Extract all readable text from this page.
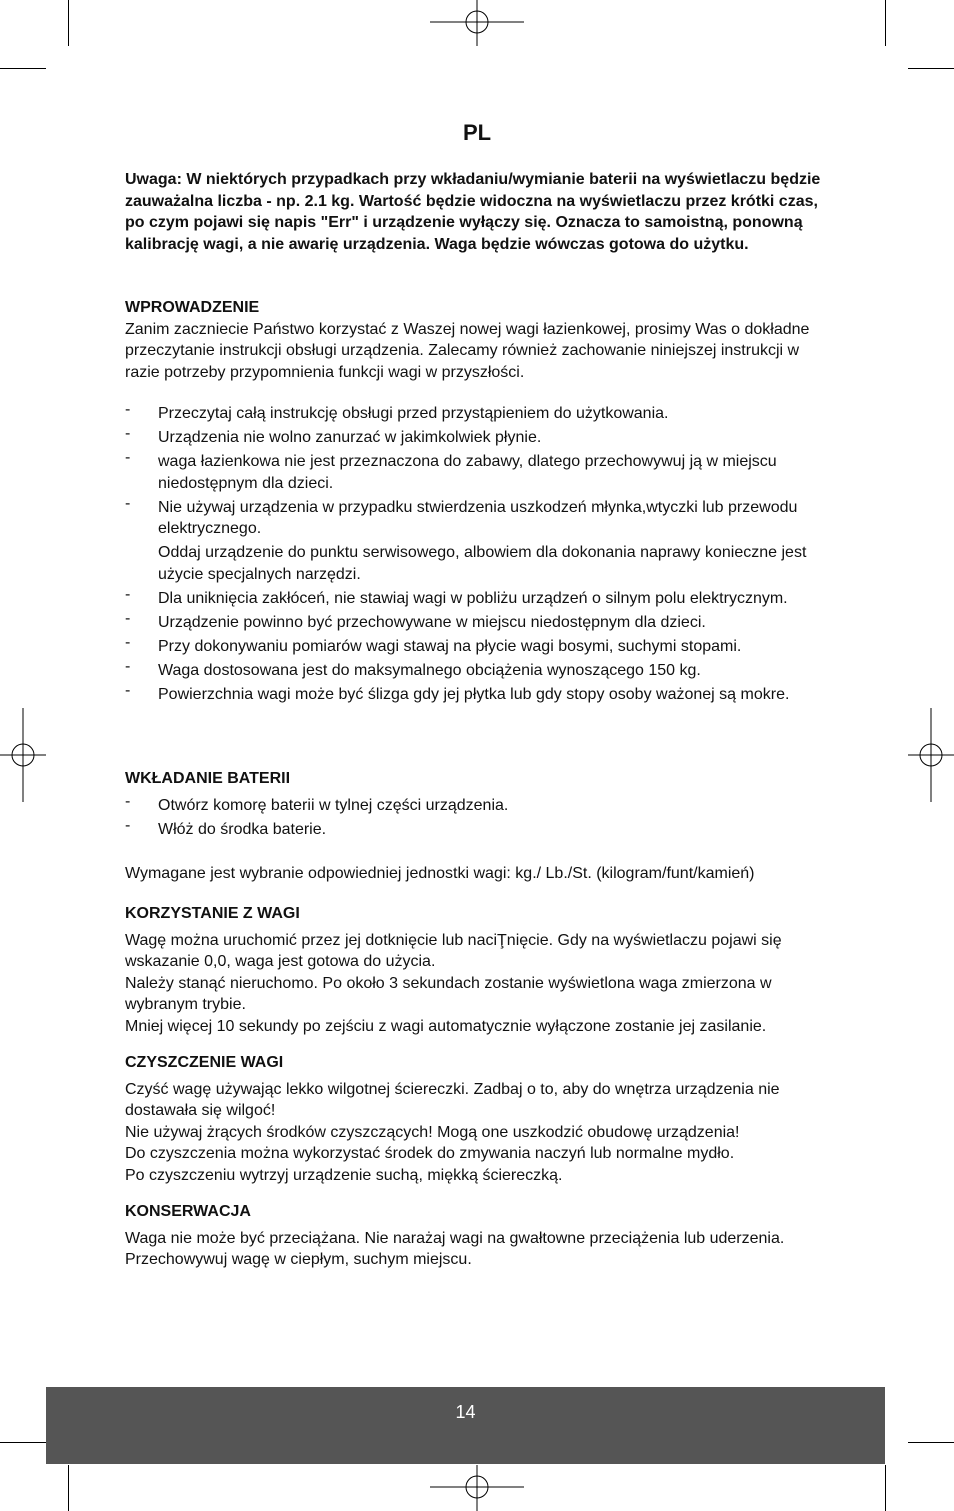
PL
Uwaga: W niektórych przypadkach przy wkładaniu/wymianie baterii na wyświetlaczu będzie zauważalna liczba - np. 2.1 kg. Wartość będzie widoczna na wyświetlaczu przez krótki czas, po czym pojawi się napis "Err" i urządzenie wyłączy się. Oznacza to samoistną, ponowną kalibrację wagi, a nie awarię urządzenia. Waga będzie wówczas gotowa do użytku.
WPROWADZENIE
Zanim zaczniecie Państwo korzystać z Waszej nowej wagi łazienkowej, prosimy Was o dokładne przeczytanie instrukcji obsługi urządzenia. Zalecamy również zachowanie niniejszej instrukcji w razie potrzeby przypomnienia funkcji wagi w przyszłości.
- Przeczytaj całą instrukcję obsługi przed przystąpieniem do użytkowania.
- Urządzenia nie wolno zanurzać w jakimkolwiek płynie.
- waga łazienkowa nie jest przeznaczona do zabawy, dlatego przechowywuj ją w miejscu niedostępnym dla dzieci.
- Nie używaj urządzenia w przypadku stwierdzenia uszkodzeń młynka,wtyczki lub przewodu elektrycznego.
Oddaj urządzenie do punktu serwisowego, albowiem dla dokonania naprawy konieczne jest użycie specjalnych narzędzi.
- Dla uniknięcia zakłóceń, nie stawiaj wagi w pobliżu urządzeń o silnym polu elektrycznym.
- Urządzenie powinno być przechowywane w miejscu niedostępnym dla dzieci.
- Przy dokonywaniu pomiarów wagi stawaj na płycie wagi bosymi, suchymi stopami.
- Waga dostosowana jest do maksymalnego obciążenia wynoszącego 150 kg.
- Powierzchnia wagi może być ślizga gdy jej płytka lub gdy stopy osoby ważonej są mokre.
WKŁADANIE BATERII
- Otwórz komorę baterii w tylnej części urządzenia.
- Włóż do środka baterie.
Wymagane jest wybranie odpowiedniej jednostki wagi: kg./ Lb./St. (kilogram/funt/kamień)
KORZYSTANIE Z WAGI
Wagę można uruchomić przez jej dotknięcie lub naciŢnięcie. Gdy na wyświetlaczu pojawi się wskazanie 0,0, waga jest gotowa do użycia.
Należy stanąć nieruchomo. Po około 3 sekundach zostanie wyświetlona waga zmierzona w wybranym trybie.
Mniej więcej 10 sekundy po zejściu z wagi automatycznie wyłączone zostanie jej zasilanie.
CZYSZCZENIE WAGI
Czyść wagę używając lekko wilgotnej ściereczki. Zadbaj o to, aby do wnętrza urządzenia nie dostawała się wilgoć!
Nie używaj żrących środków czyszczących! Mogą one uszkodzić obudowę urządzenia!
Do czyszczenia można wykorzystać środek do zmywania naczyń lub normalne mydło.
Po czyszczeniu wytrzyj urządzenie suchą, miękką ściereczką.
KONSERWACJA
Waga nie może być przeciążana. Nie narażaj wagi na gwałtowne przeciążenia lub uderzenia.
Przechowywuj wagę w ciepłym, suchym miejscu.
14
